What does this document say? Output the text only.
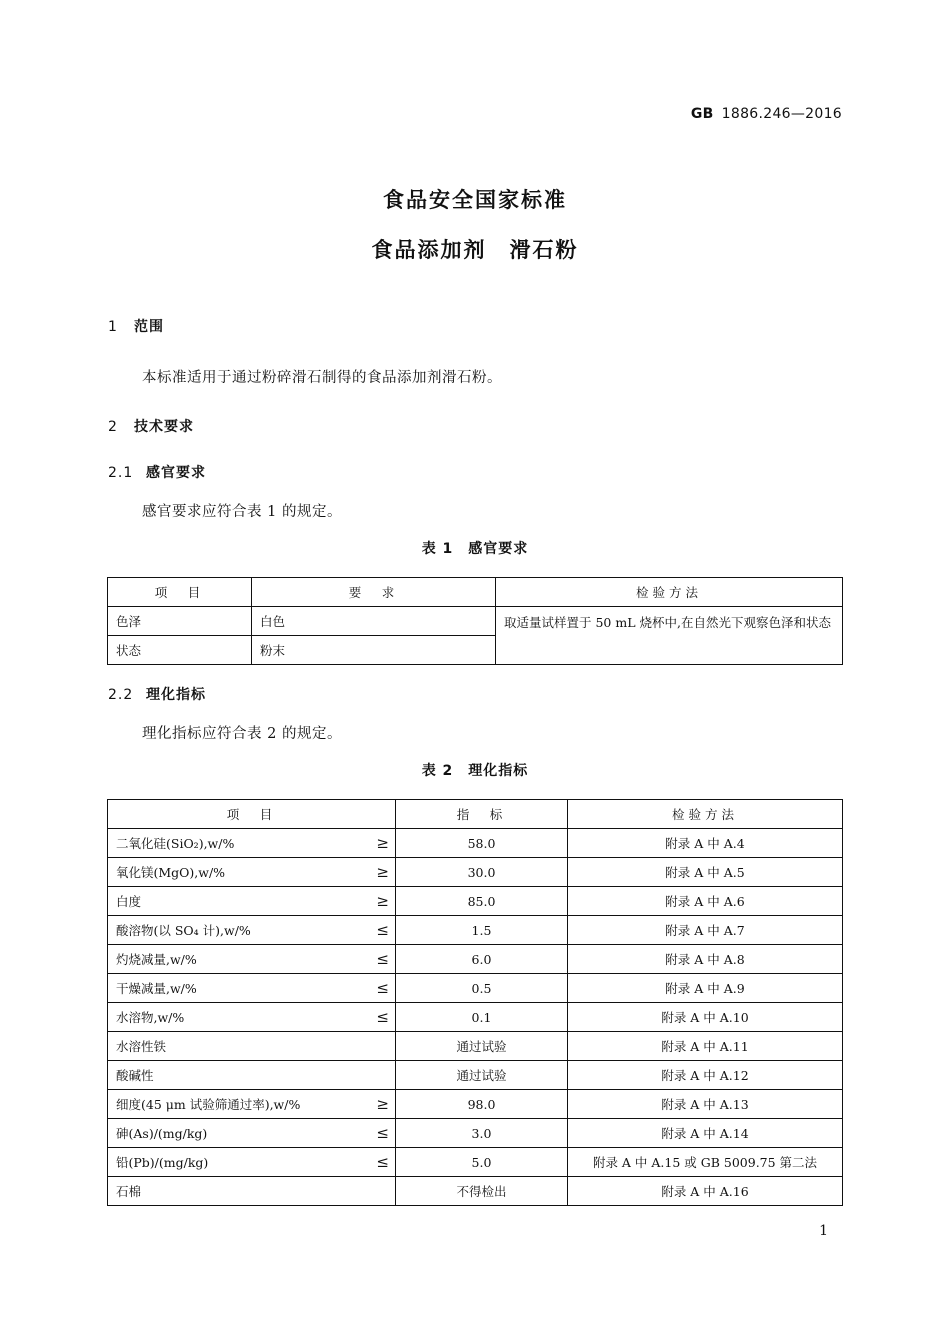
GB 1886.246—2016
食品安全国家标准
食品添加剂　滑石粉
1 范围
本标准适用于通过粉碎滑石制得的食品添加剂滑石粉。
2 技术要求
2.1 感官要求
感官要求应符合表 1 的规定。
表 1　感官要求
项　目	要　求	检验方法
色泽	白色	取适量试样置于 50 mL 烧杯中,在自然光下观察色泽和状态
状态	粉末	
2.2 理化指标
理化指标应符合表 2 的规定。
表 2　理化指标
项　目	指　标	检验方法

二氧化硅(SiO₂),w/% ≥	58.0	附录 A 中 A.4

氧化镁(MgO),w/% ≥	30.0	附录 A 中 A.5

白度 ≥	85.0	附录 A 中 A.6

酸溶物(以 SO₄ 计),w/% ≤	1.5	附录 A 中 A.7

灼烧减量,w/% ≤	6.0	附录 A 中 A.8

干燥减量,w/% ≤	0.5	附录 A 中 A.9

水溶物,w/% ≤	0.1	附录 A 中 A.10

水溶性铁	通过试验	附录 A 中 A.11

酸碱性	通过试验	附录 A 中 A.12

细度(45 μm 试验筛通过率),w/% ≥	98.0	附录 A 中 A.13

砷(As)/(mg/kg) ≤	3.0	附录 A 中 A.14

铅(Pb)/(mg/kg) ≤	5.0	附录 A 中 A.15 或 GB 5009.75 第二法

石棉	不得检出	附录 A 中 A.16
1
